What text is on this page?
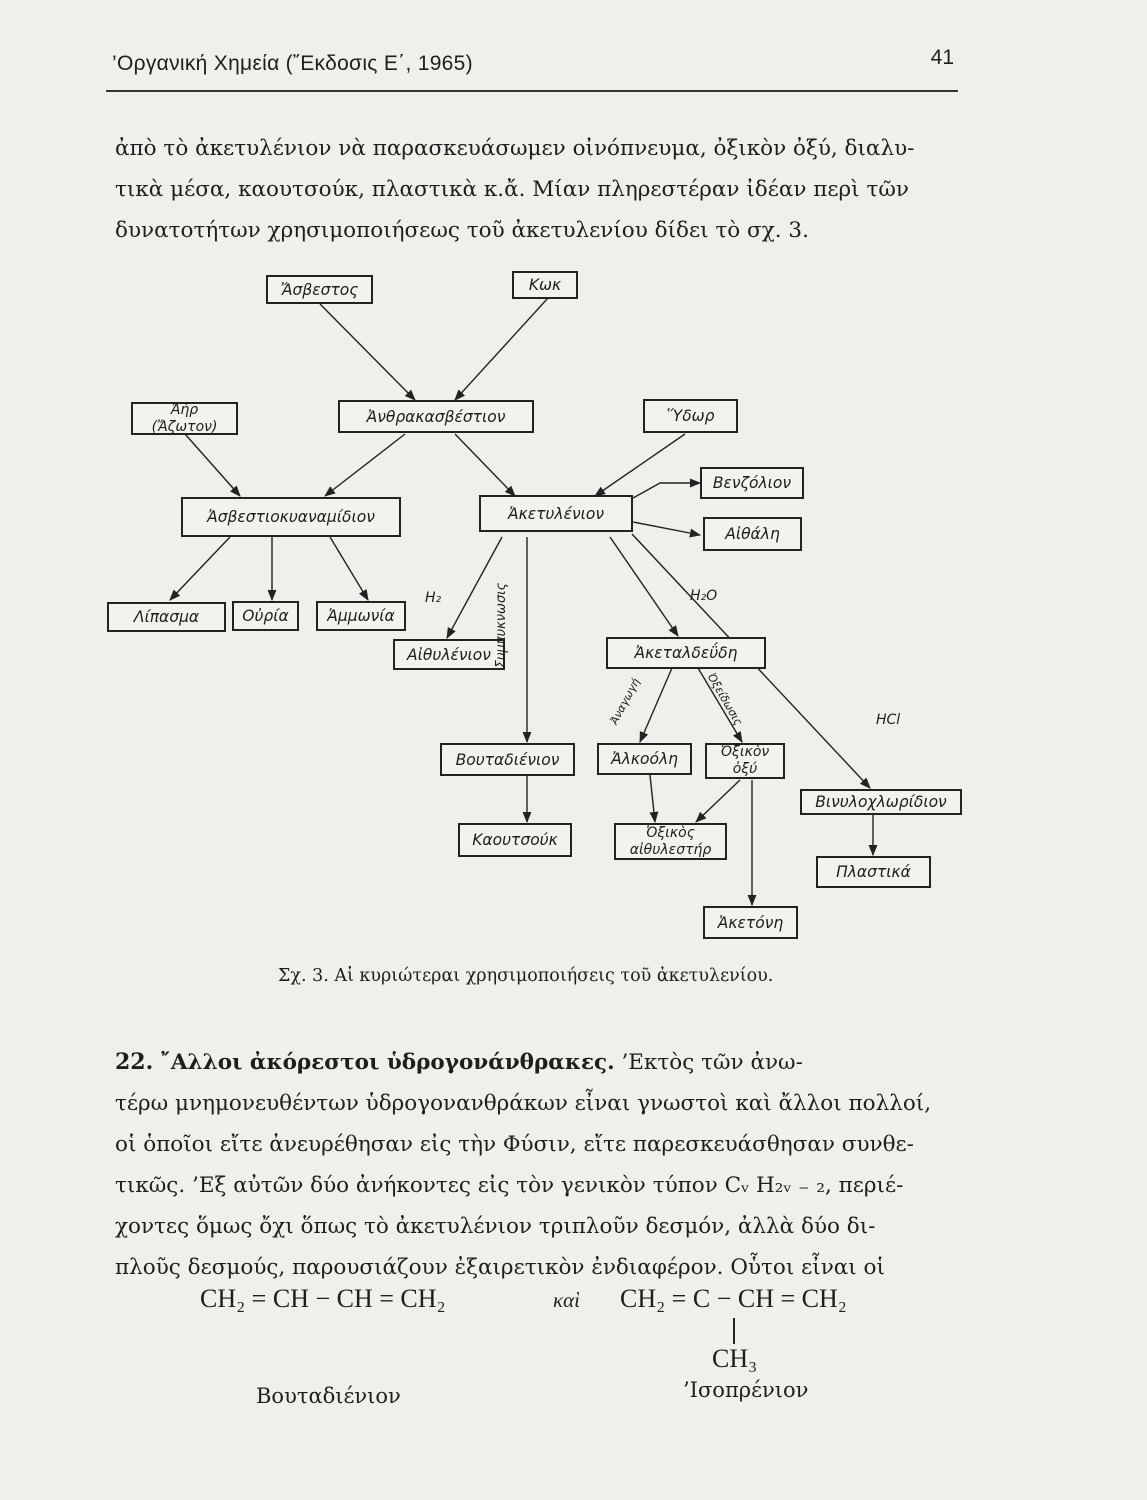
’Οργανική Χημεία (῎Εκδοσις Ε΄, 1965)	41

ἀπὸ τὸ ἀκετυλένιον νὰ παρασκευάσωμεν οἰνόπνευμα, ὀξικὸν ὀξύ, διαλυ-
τικὰ μέσα, καουτσούκ, πλαστικὰ κ.ἄ. Μίαν πληρεστέραν ἰδέαν περὶ τῶν
δυνατοτήτων χρησιμοποιήσεως τοῦ ἀκετυλενίου δίδει τὸ σχ. 3.

Ἄσβεστος	Κωκ
Ἀήρ
(Ἄζωτον)
Ἀνθρακασβέστιον	Ὕδωρ
Ἀσβεστιοκυαναμίδιον	Ἀκετυλένιον
Βενζόλιον
Αἰθάλη
Λίπασμα	Οὐρία Ἀμμωνία
Αἰθυλένιον	Ἀκεταλδεΰδη
Βουταδιένιον	Ἀλκοόλη	Ὀξικὸν
ὀξύ
Βινυλοχλωρίδιον
Καουτσούκ	Ὀξικὸς
αἰθυλεστήρ
Πλαστικά
Ἀκετόνη
H₂	H₂O
HCl
Συμπυκνωσις
Ἀναγωγή	Ὀξείδωσις
Σχ. 3. Αἱ κυριώτεραι χρησιμοποιήσεις τοῦ ἀκετυλενίου.

22. ῎Αλλοι ἀκόρεστοι ὑδρογονάνθρακες. ’Εκτὸς τῶν ἀνω-
τέρω μνημονευθέντων ὑδρογονανθράκων εἶναι γνωστοὶ καὶ ἄλλοι πολλοί,
οἱ ὁποῖοι εἴτε ἀνευρέθησαν εἰς τὴν Φύσιν, εἴτε παρεσκευάσθησαν συνθε-
τικῶς. ’Εξ αὐτῶν δύο ἀνήκοντες εἰς τὸν γενικὸν τύπον Cᵥ H₂ᵥ ₋ ₂, περιέ-
χοντες ὅμως ὄχι ὅπως τὸ ἀκετυλένιον τριπλοῦν δεσμόν, ἀλλὰ δύο δι-
πλοῦς δεσμούς, παρουσιάζουν ἐξαιρετικὸν ἐνδιαφέρον. Οὗτοι εἶναι οἱ

CH₂ = CH − CH = CH₂	καὶ CH₂ = C − CH = CH₂
CH₃
Βουταδιένιον	’Ισοπρένιον
